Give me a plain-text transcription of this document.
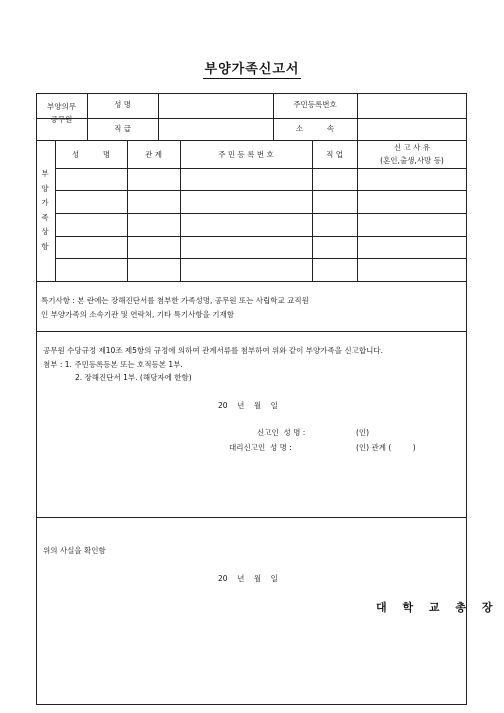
부양가족신고서
부양의무
공무원
성 명	주민등록번호
직 급	소          속
부
양
가
족
상
항
성          명	관 계	주 민 등 록 번 호	직 업
신 고 사 유
(혼인,출생,사망 등)
특기사항 : 본 란에는 장해진단서를 첨부한 가족성명, 공무원 또는 사립학교 교직원
인 부양가족의 소속기관 및 연락처, 기타 특기사항을 기재함
공무원 수당규정 제10조 제5항의 규정에 의하여 관계서류를 첨부하여 위와 같이 부양가족을 신고합니다.
첨부 : 1. 주민등록등본 또는 호적등본 1부.
2. 장해진단서 1부. (해당자에 한함)
20    년    월    일
신고인  성 명 :	(인)
대리신고인  성 명 :	(인) 관계 (         )
위의 사실을 확인함
20    년    월    일
대 학 교 총 장
